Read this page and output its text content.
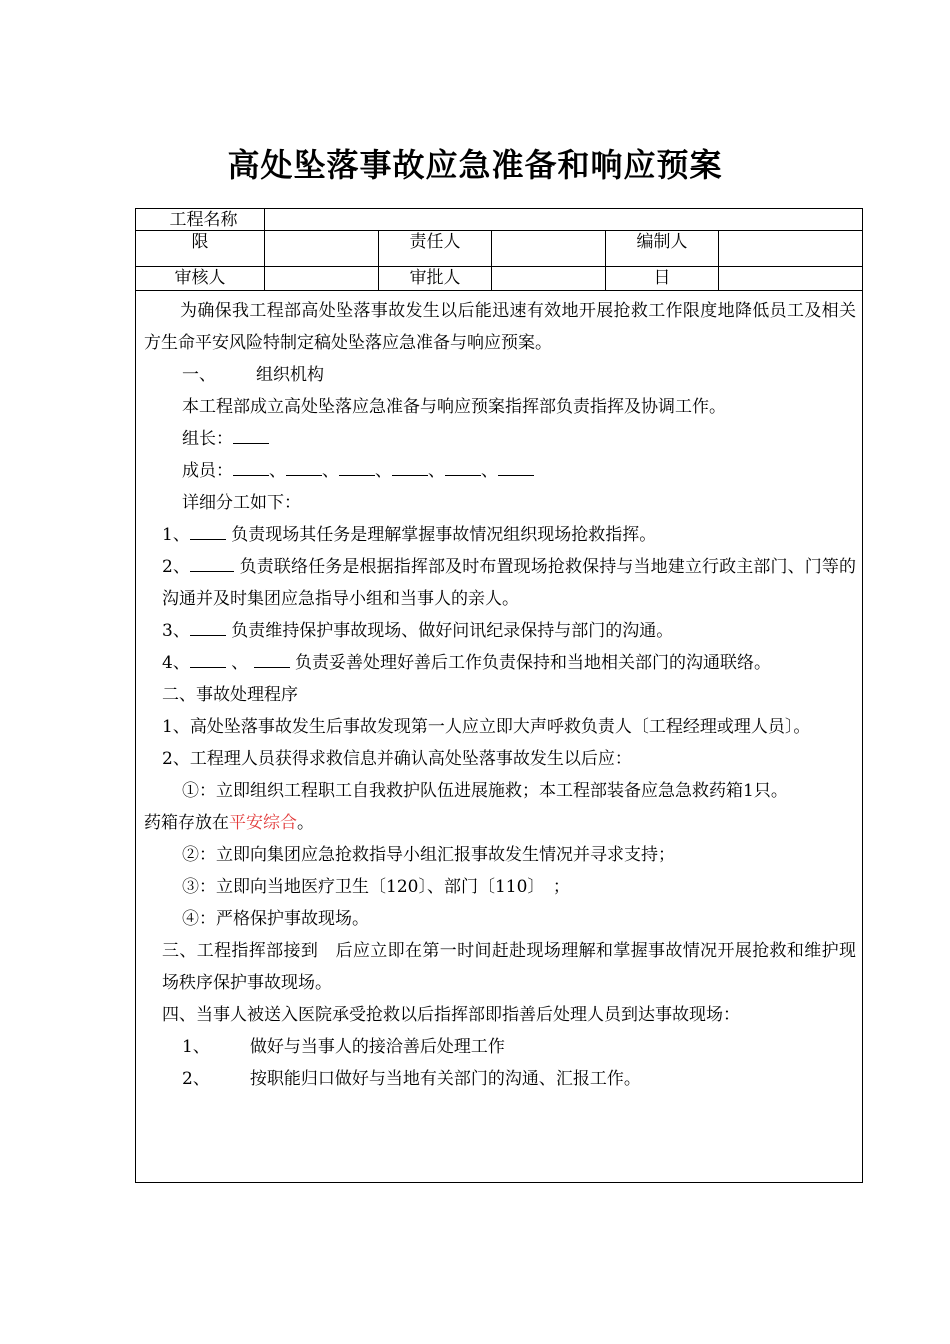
高处坠落事故应急准备和响应预案
工程名称
限	责任人	编制人
审核人	审批人	日

为确保我工程部高处坠落事故发生以后能迅速有效地开展抢救工作限度地降低员工及相关方生命平安风险特制定稿处坠落应急准备与响应预案。

一、 组织机构

本工程部成立高处坠落应急准备与响应预案指挥部负责指挥及协调工作。

组长：

成员： 、 、 、 、 、

详细分工如下：

1、 负责现场其任务是理解掌握事故情况组织现场抢救指挥。

2、	负责联络任务是根据指挥部及时布置现场抢救保持与当地建立行政主部门、门等的沟通并及时集团应急指导小组和当事人的亲人。

3、 负责维持保护事故现场、做好问讯纪录保持与部门的沟通。

4、 、	负责妥善处理好善后工作负责保持和当地相关部门的沟通联络。

二、事故处理程序

1、高处坠落事故发生后事故发现第一人应立即大声呼救负责人〔工程经理或理人员〕。

2、工程理人员获得求救信息并确认高处坠落事故发生以后应：

①：立即组织工程职工自我救护队伍进展施救；本工程部装备应急急救药箱1只。

药箱存放在平安综合。

②：立即向集团应急抢救指导小组汇报事故发生情况并寻求支持；

③：立即向当地医疗卫生〔120〕、部门〔110〕　；

④：严格保护事故现场。

三、工程指挥部接到　后应立即在第一时间赶赴现场理解和掌握事故情况开展抢救和维护现场秩序保护事故现场。

四、当事人被送入医院承受抢救以后指挥部即指善后处理人员到达事故现场：

1、 做好与当事人的接洽善后处理工作

2、 按职能归口做好与当地有关部门的沟通、汇报工作。
